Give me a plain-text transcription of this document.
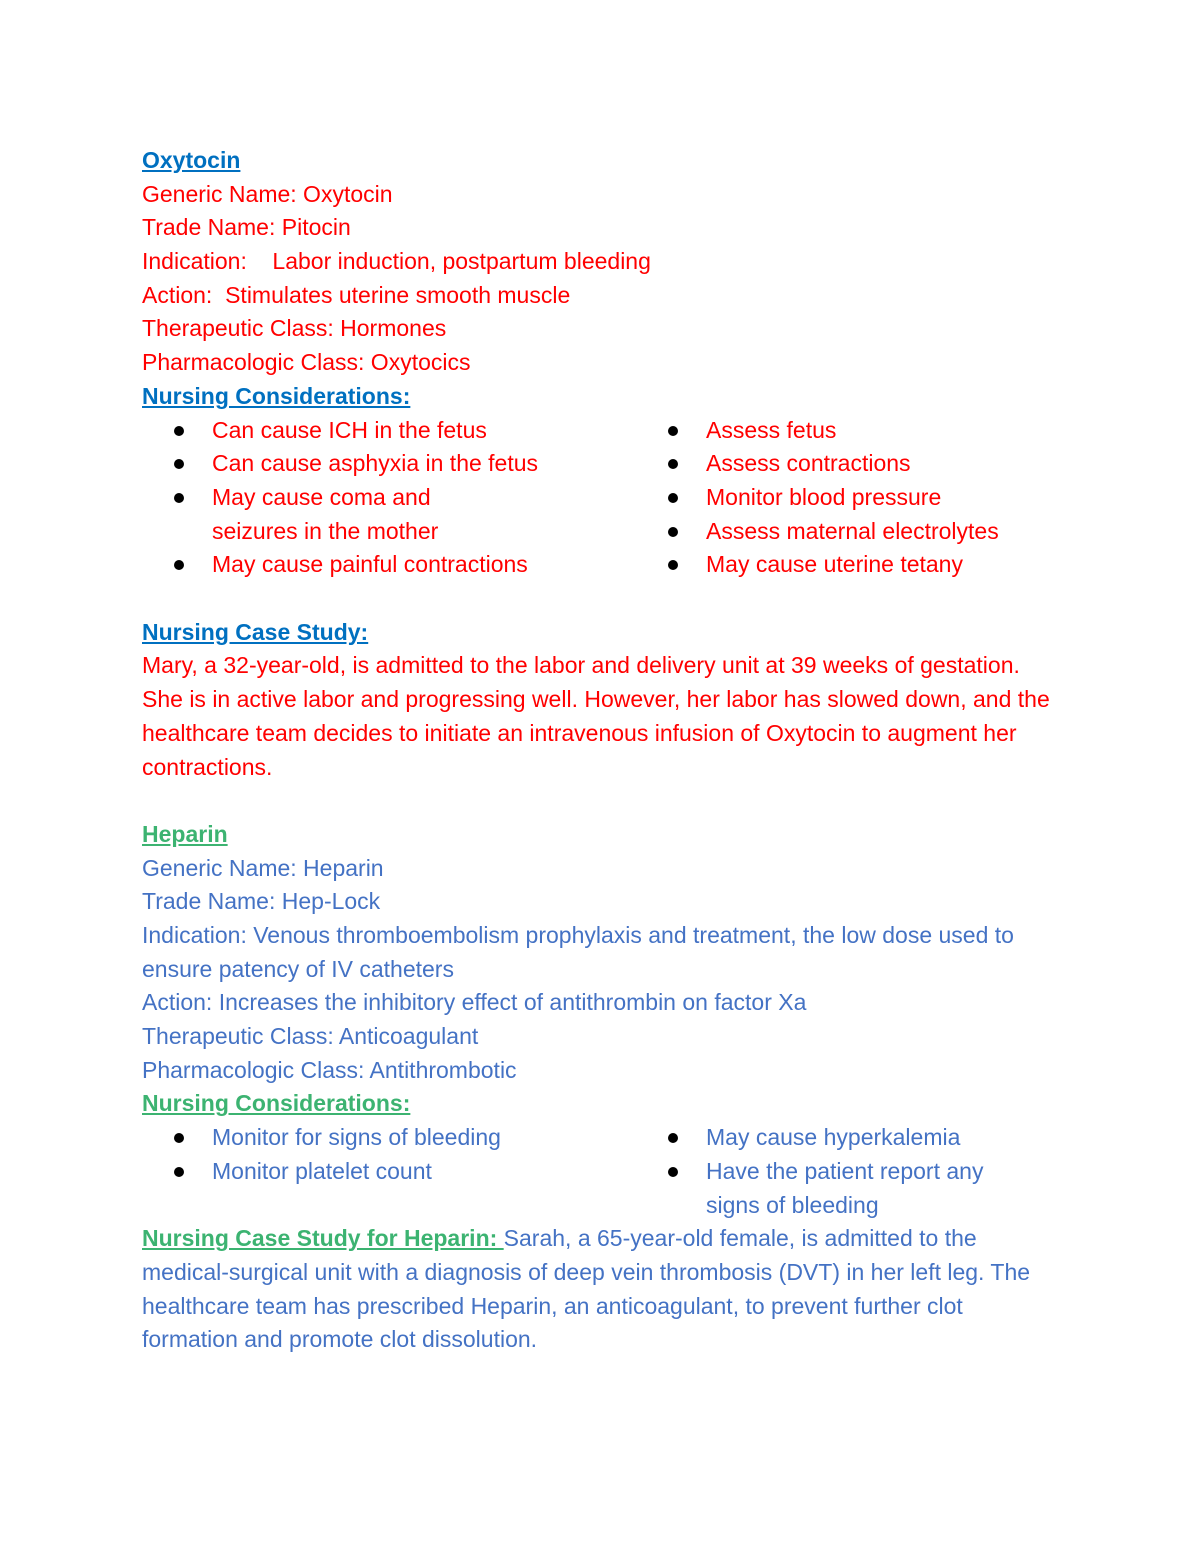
Oxytocin
Generic Name: Oxytocin
Trade Name: Pitocin
Indication:    Labor induction, postpartum bleeding
Action:  Stimulates uterine smooth muscle
Therapeutic Class: Hormones
Pharmacologic Class: Oxytocics
Nursing Considerations:
Can cause ICH in the fetus
Can cause asphyxia in the fetus
May cause coma and seizures in the mother
May cause painful contractions
Assess fetus
Assess contractions
Monitor blood pressure
Assess maternal electrolytes
May cause uterine tetany
Nursing Case Study:
Mary, a 32-year-old, is admitted to the labor and delivery unit at 39 weeks of gestation.
She is in active labor and progressing well. However, her labor has slowed down, and the healthcare team decides to initiate an intravenous infusion of Oxytocin to augment her contractions.
Heparin
Generic Name: Heparin
Trade Name: Hep-Lock
Indication: Venous thromboembolism prophylaxis and treatment, the low dose used to ensure patency of IV catheters
Action: Increases the inhibitory effect of antithrombin on factor Xa
Therapeutic Class: Anticoagulant
Pharmacologic Class: Antithrombotic
Nursing Considerations:
Monitor for signs of bleeding
Monitor platelet count
May cause hyperkalemia
Have the patient report any signs of bleeding
Nursing Case Study for Heparin: Sarah, a 65-year-old female, is admitted to the medical-surgical unit with a diagnosis of deep vein thrombosis (DVT) in her left leg. The healthcare team has prescribed Heparin, an anticoagulant, to prevent further clot formation and promote clot dissolution.
